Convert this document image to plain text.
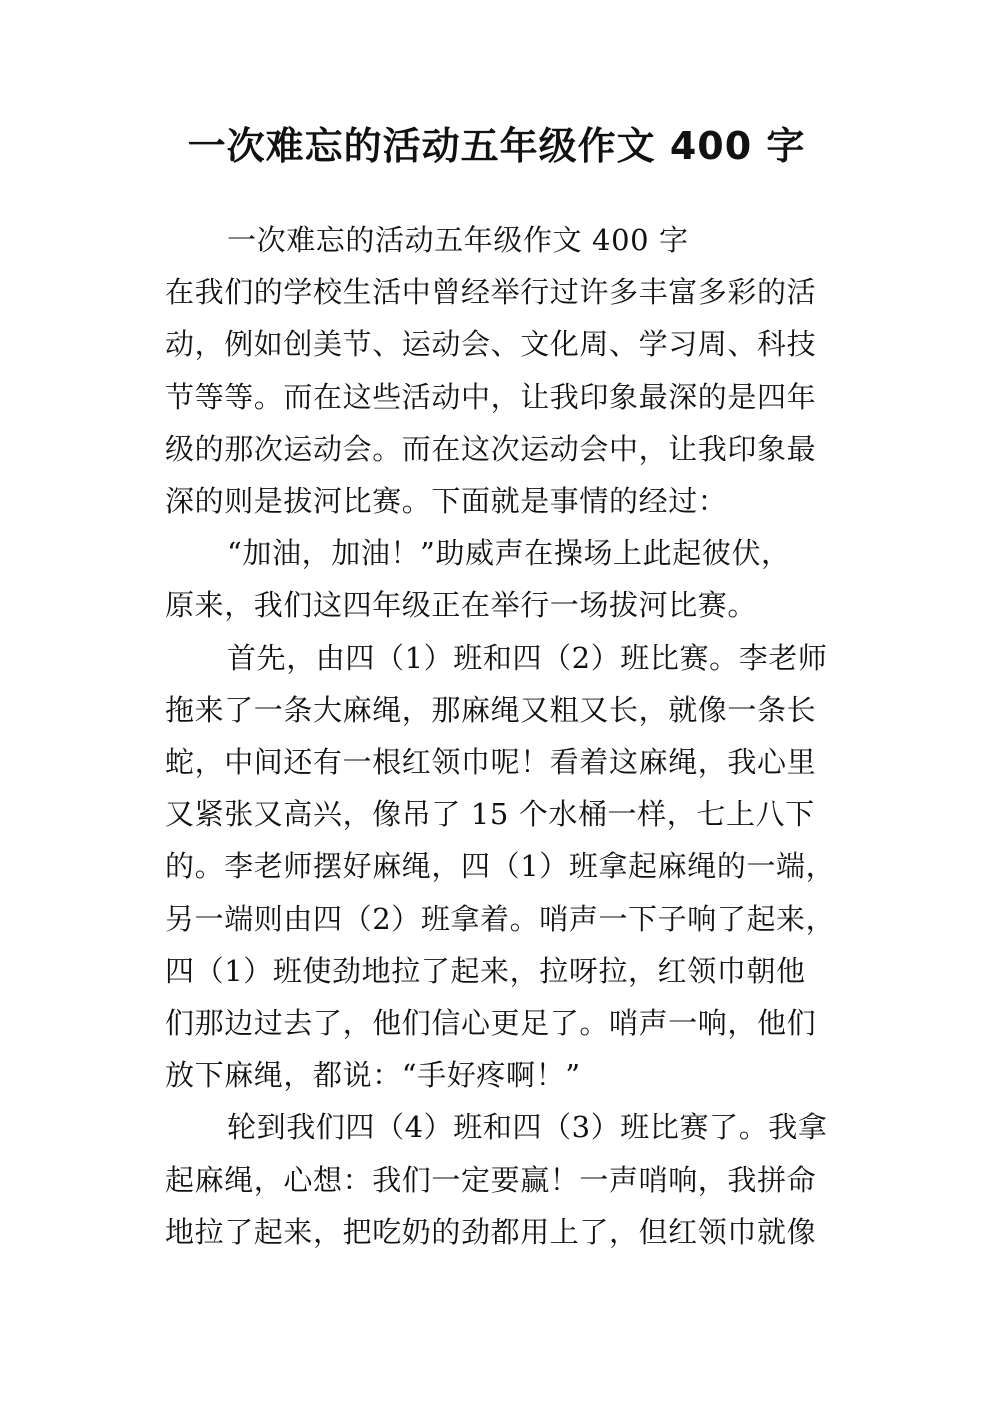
一次难忘的活动五年级作文 400 字
一次难忘的活动五年级作文 400 字
在我们的学校生活中曾经举行过许多丰富多彩的活
动，例如创美节、运动会、文化周、学习周、科技
节等等。而在这些活动中，让我印象最深的是四年
级的那次运动会。而在这次运动会中，让我印象最
深的则是拔河比赛。下面就是事情的经过：
“加油，加油！”助威声在操场上此起彼伏，
原来，我们这四年级正在举行一场拔河比赛。
首先，由四（1）班和四（2）班比赛。李老师
拖来了一条大麻绳，那麻绳又粗又长，就像一条长
蛇，中间还有一根红领巾呢！看着这麻绳，我心里
又紧张又高兴，像吊了 15 个水桶一样，七上八下
的。李老师摆好麻绳，四（1）班拿起麻绳的一端，
另一端则由四（2）班拿着。哨声一下子响了起来，
四（1）班使劲地拉了起来，拉呀拉，红领巾朝他
们那边过去了，他们信心更足了。哨声一响，他们
放下麻绳，都说：“手好疼啊！”
轮到我们四（4）班和四（3）班比赛了。我拿
起麻绳，心想：我们一定要赢！一声哨响，我拼命
地拉了起来，把吃奶的劲都用上了，但红领巾就像
